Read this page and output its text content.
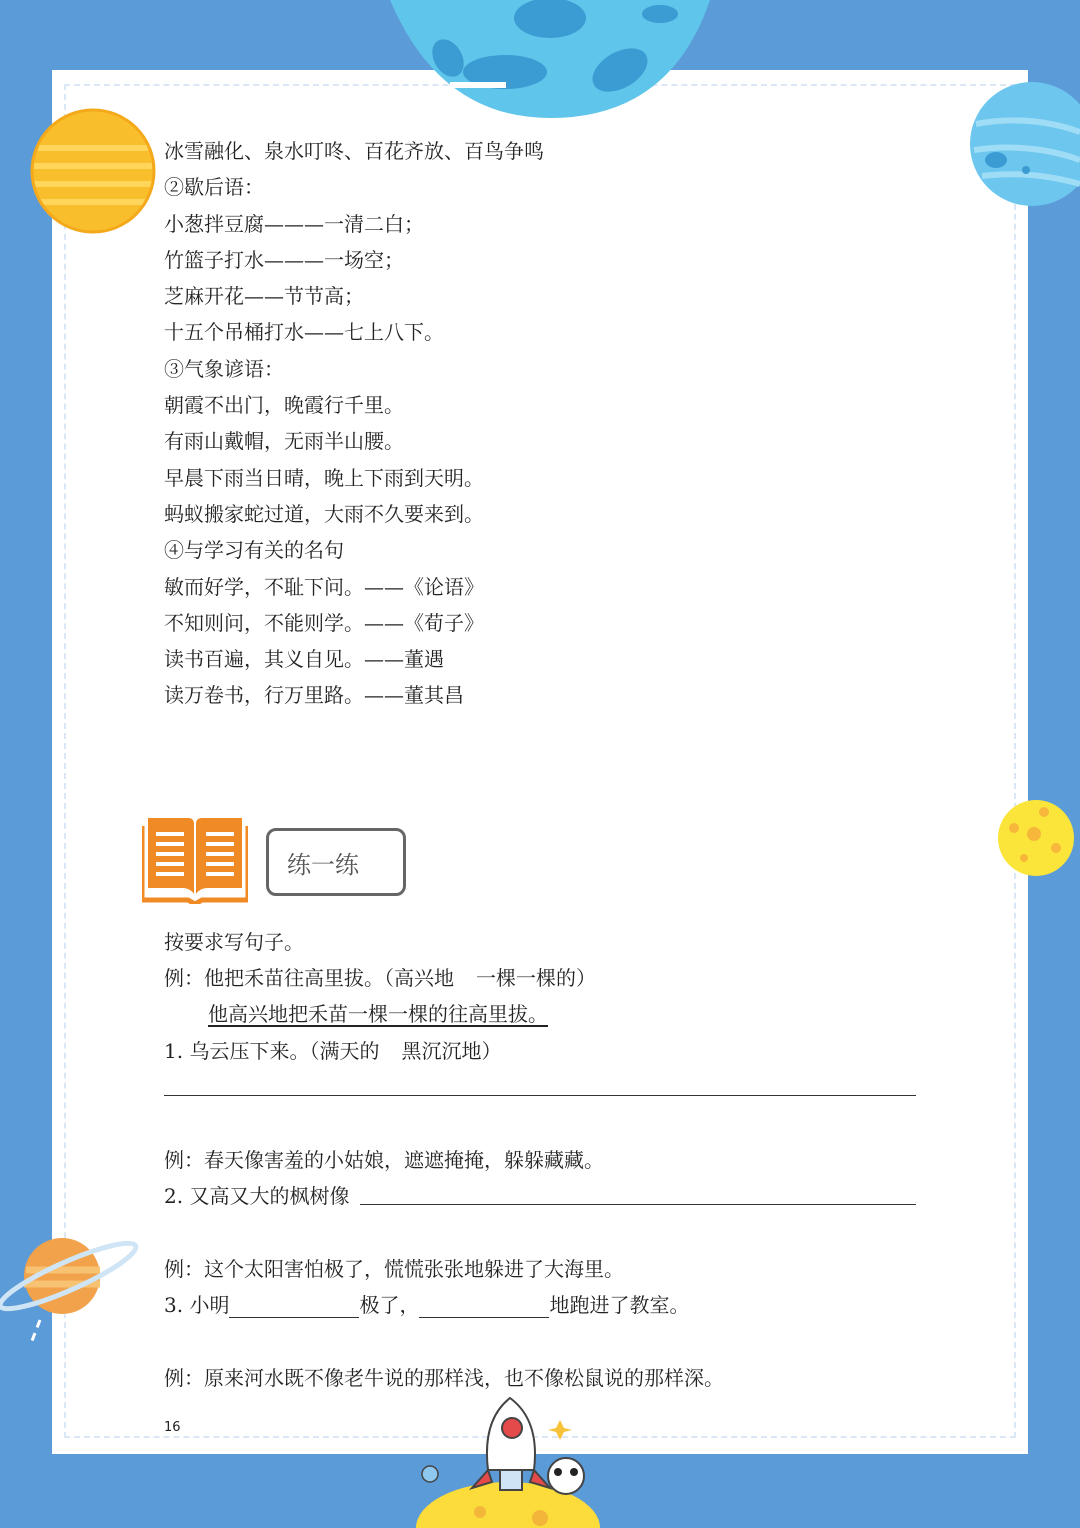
冰雪融化、泉水叮咚、百花齐放、百鸟争鸣
②歇后语：
小葱拌豆腐———一清二白；
竹篮子打水———一场空；
芝麻开花——节节高；
十五个吊桶打水——七上八下。
③气象谚语：
朝霞不出门，晚霞行千里。
有雨山戴帽，无雨半山腰。
早晨下雨当日晴，晚上下雨到天明。
蚂蚁搬家蛇过道，大雨不久要来到。
④与学习有关的名句
敏而好学，不耻下问。——《论语》
不知则问，不能则学。——《荀子》
读书百遍，其义自见。——董遇
读万卷书，行万里路。——董其昌
练一练
按要求写句子。
例：他把禾苗往高里拔。（高兴地 一棵一棵的）
他高兴地把禾苗一棵一棵的往高里拔。
1. 乌云压下来。（满天的 黑沉沉地）
例：春天像害羞的小姑娘，遮遮掩掩，躲躲藏藏。
2. 又高又大的枫树像
例：这个太阳害怕极了，慌慌张张地躲进了大海里。
3. 小明	极了，	地跑进了教室。
例：原来河水既不像老牛说的那样浅，也不像松鼠说的那样深。
16
